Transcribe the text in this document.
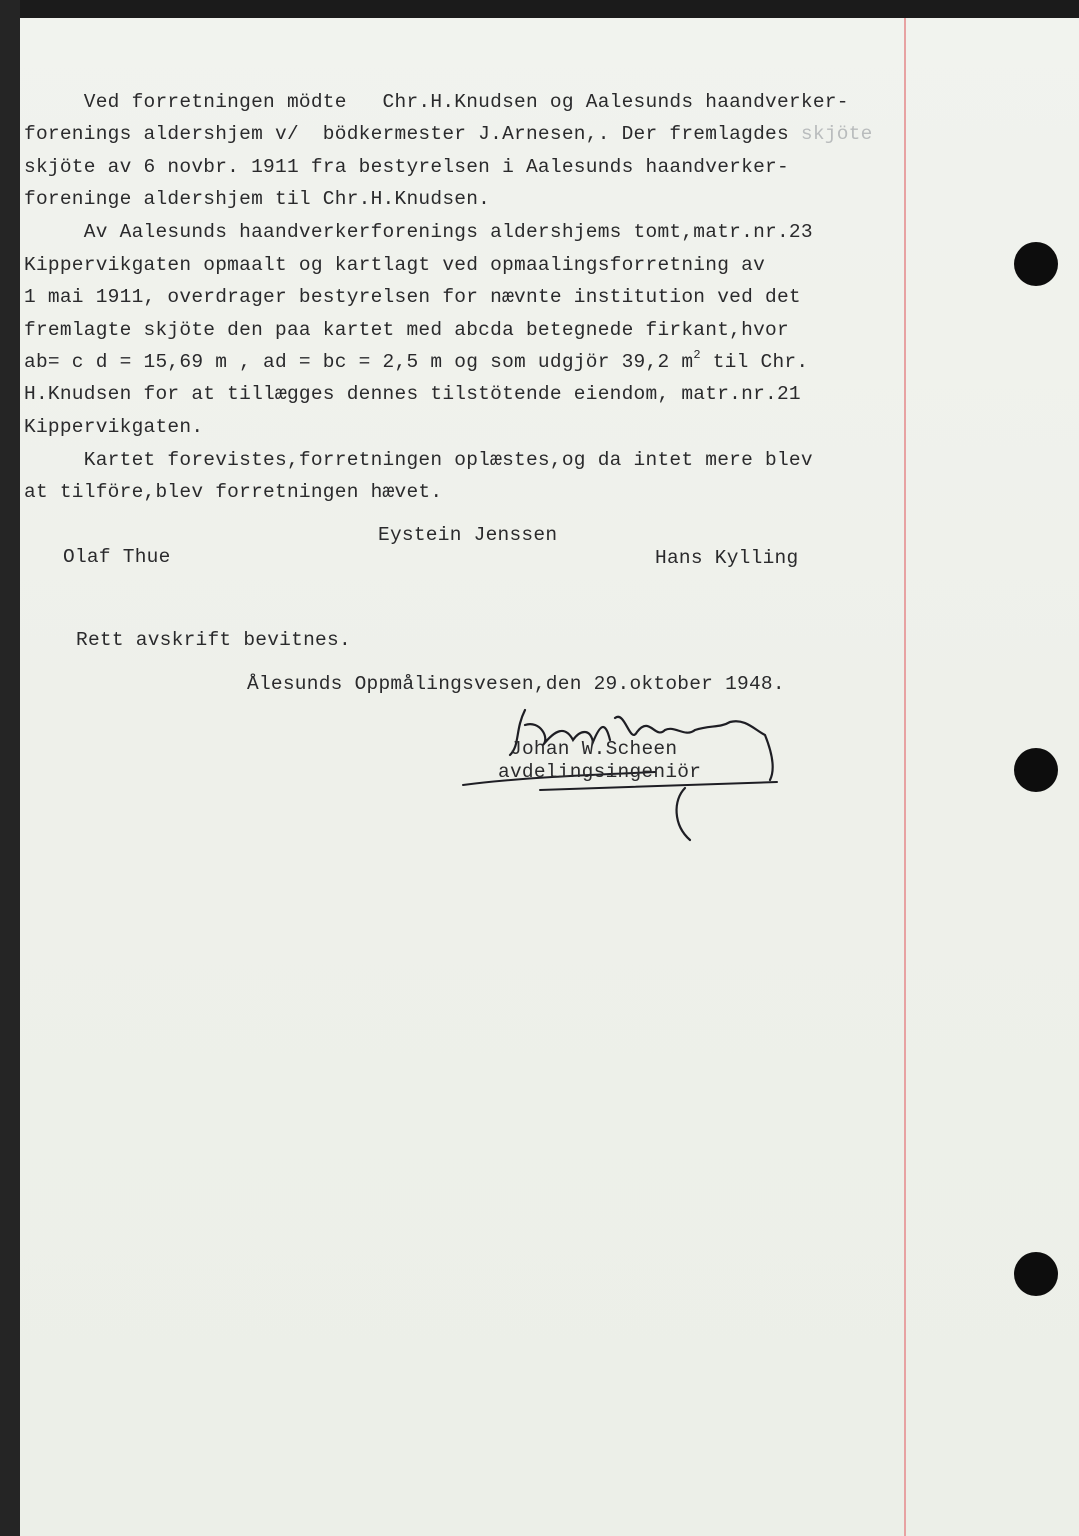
Ved forretningen mödte   Chr.H.Knudsen og Aalesunds haandverker-
forenings aldershjem v/  bödkermester J.Arnesen,. Der fremlagdes skjöte
skjöte av 6 novbr. 1911 fra bestyrelsen i Aalesunds haandverker-
foreninge aldershjem til Chr.H.Knudsen.
Av Aalesunds haandverkerforenings aldershjems tomt,matr.nr.23
Kippervikgaten opmaalt og kartlagt ved opmaalingsforretning av
1 mai 1911, overdrager bestyrelsen for nævnte institution ved det
fremlagte skjöte den paa kartet med abcda betegnede firkant,hvor
ab= c d = 15,69 m , ad = bc = 2,5 m og som udgjör 39,2 $m^2$ til Chr.
H.Knudsen for at tillægges dennes tilstötende eiendom, matr.nr.21
Kippervikgaten.
Kartet forevistes,forretningen oplæstes,og da intet mere blev
at tilföre,blev forretningen hævet.
Eystein Jenssen
Olaf Thue	Hans Kylling
Rett avskrift bevitnes.
Ålesunds Oppmålingsvesen,den 29.oktober 1948.
Johan W.Scheen
avdelingsingeniör
